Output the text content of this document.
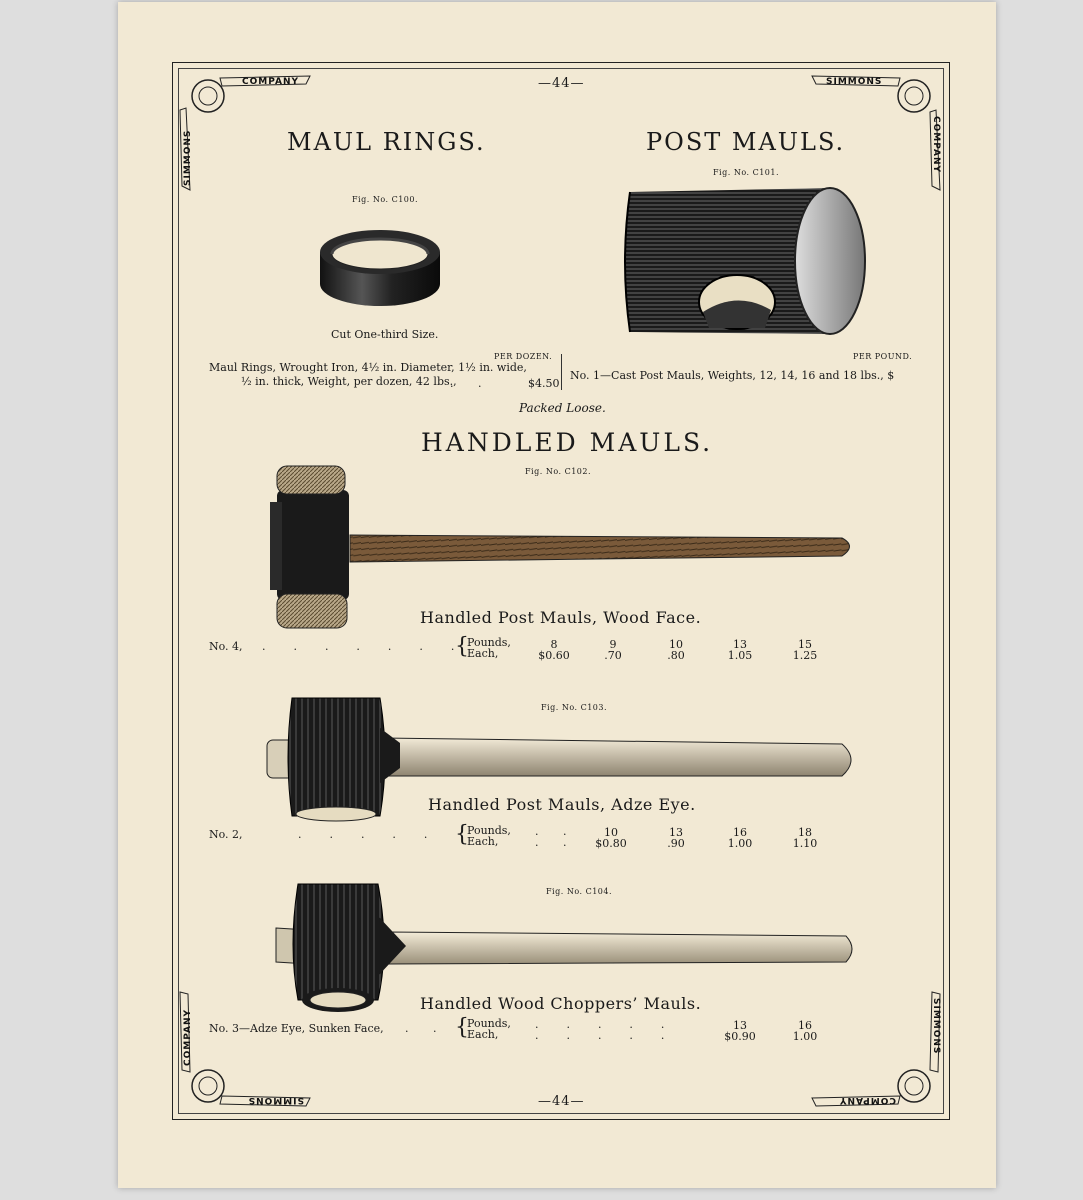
COMPANY
SIMMONS
SIMMONS
COMPANY
SIMMONS
COMPANY
COMPANY
SIMMONS
—44—
—44—
MAUL RINGS.
Fig. No. C100.
Cut One-third Size.
PER DOZEN.
Maul Rings, Wrought Iron, 4½ in. Diameter, 1½ in. wide,
½ in. thick, Weight, per dozen, 42 lbs.,
.       .	$4.50
POST MAULS.
Fig. No. C101.
PER POUND.
No. 1—Cast Post Mauls, Weights, 12, 14, 16 and 18 lbs., $
Packed Loose.
HANDLED MAULS.
Fig. No. C102.
Handled Post Mauls, Wood Face.
No. 4, .        .        .        .        .        .        . {
Pounds,
Each,
8
$0.60
9
.70
10
.80
13
1.05
15
1.25
Fig. No. C103.
Handled Post Mauls, Adze Eye.
No. 2,	.        .        .        .        . {
Pounds,
Each,
.       .
.       .
10
$0.80
13
.90
16
1.00
18
1.10
Fig. No. C104.
Handled Wood Choppers’ Mauls.
No. 3—Adze Eye, Sunken Face, .       . {
Pounds,
Each,
.        .        .        .        .
.        .        .        .        .
13
$0.90
16
1.00
